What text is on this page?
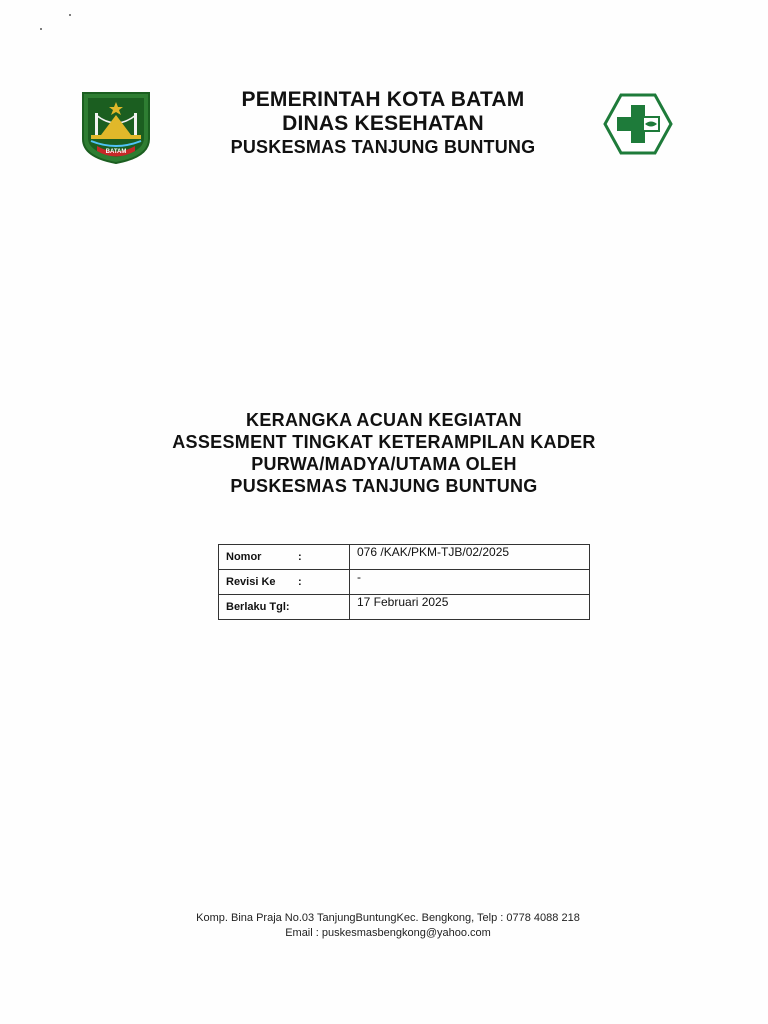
BATAM
PEMERINTAH KOTA BATAM
DINAS KESEHATAN
PUSKESMAS TANJUNG BUNTUNG
KERANGKA ACUAN KEGIATAN
ASSESMENT TINGKAT KETERAMPILAN KADER
PURWA/MADYA/UTAMA OLEH
PUSKESMAS TANJUNG BUNTUNG
Nomor :	076 /KAK/PKM-TJB/02/2025
Revisi Ke :	-
Berlaku Tgl:	17 Februari 2025
Komp. Bina Praja No.03 TanjungBuntungKec. Bengkong, Telp : 0778 4088 218
Email : puskesmasbengkong@yahoo.com
